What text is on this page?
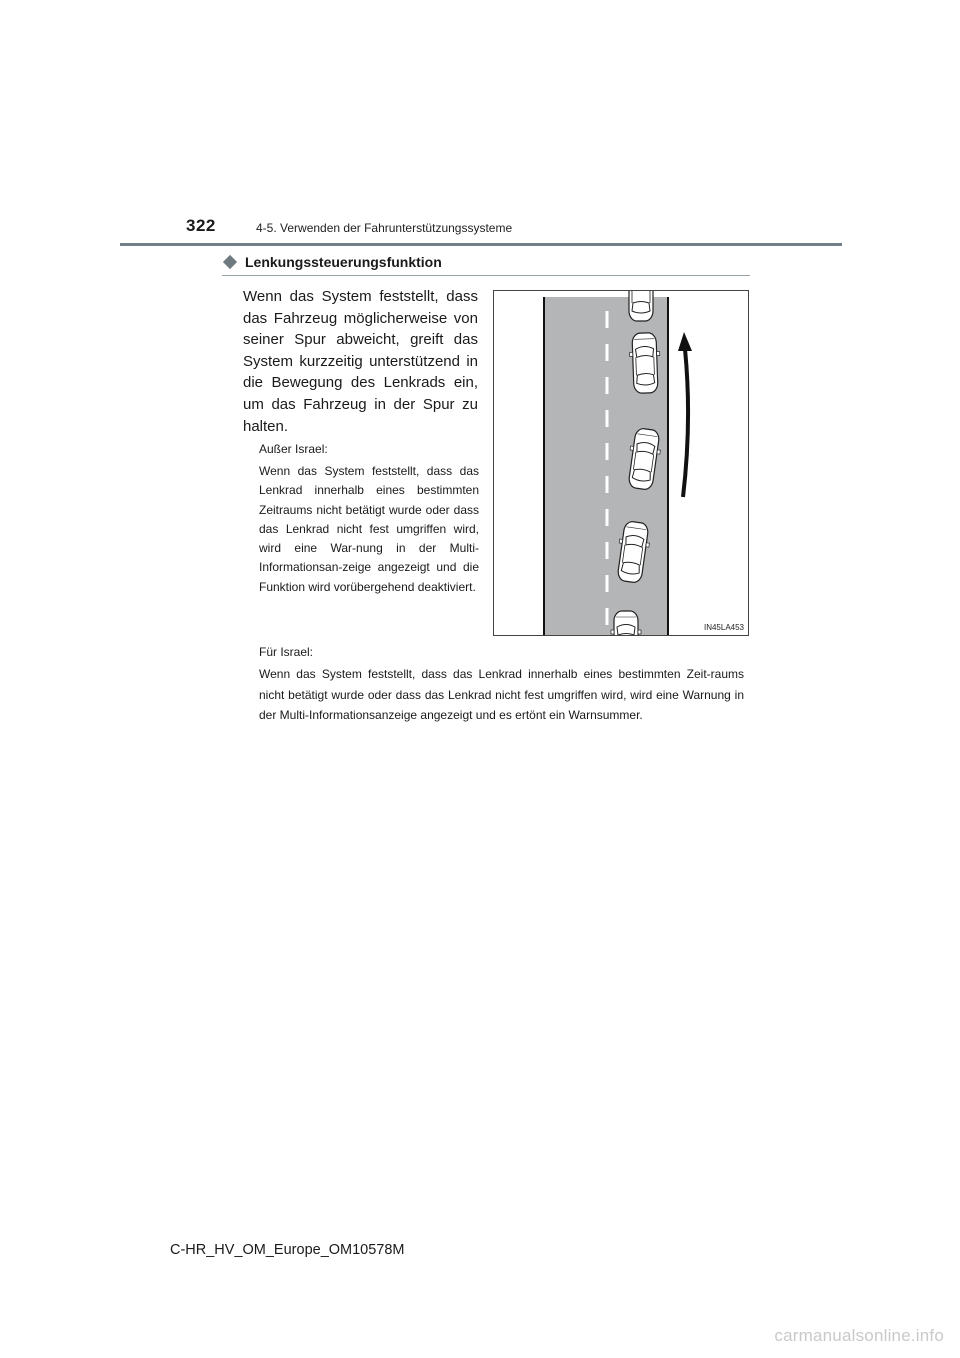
322	4-5. Verwenden der Fahrunterstützungssysteme
Lenkungssteuerungsfunktion
Wenn das System feststellt, dass das Fahrzeug möglicherweise von seiner Spur abweicht, greift das System kurzzeitig unterstützend in die Bewegung des Lenkrads ein, um das Fahrzeug in der Spur zu halten.
Außer Israel:
Wenn das System feststellt, dass das Lenkrad innerhalb eines bestimmten Zeitraums nicht betätigt wurde oder dass das Lenkrad nicht fest umgriffen wird, wird eine War-nung in der Multi-Informationsan-zeige angezeigt und die Funktion wird vorübergehend deaktiviert.
IN45LA453
Für Israel:
Wenn das System feststellt, dass das Lenkrad innerhalb eines bestimmten Zeit-raums nicht betätigt wurde oder dass das Lenkrad nicht fest umgriffen wird, wird eine Warnung in der Multi-Informationsanzeige angezeigt und es ertönt ein Warnsummer.
C-HR_HV_OM_Europe_OM10578M
carmanualsonline.info
